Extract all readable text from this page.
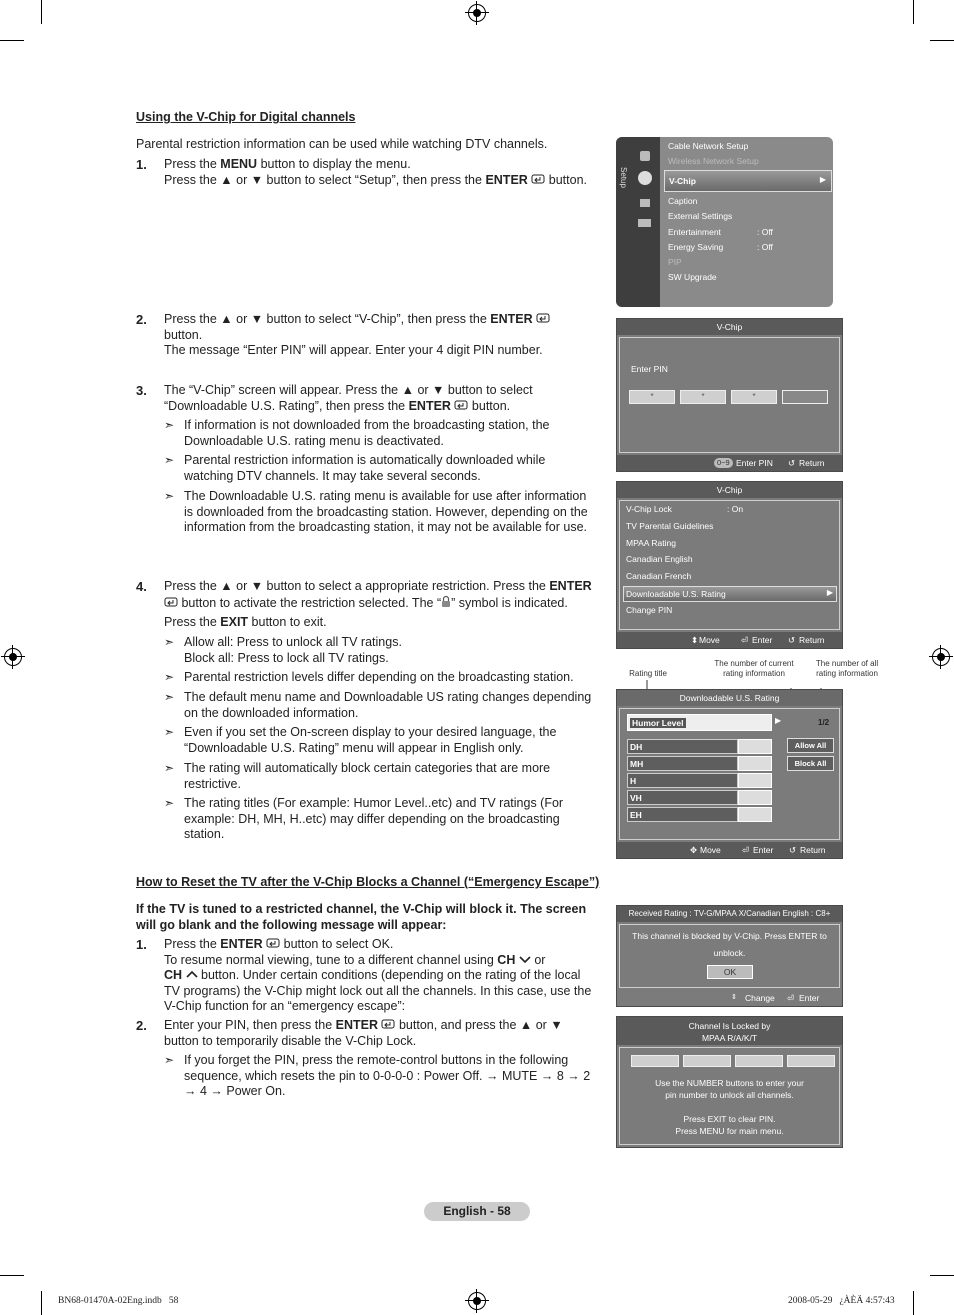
Using the V-Chip for Digital channels
Parental restriction information can be used while watching DTV channels.
1. Press the MENU button to display the menu.
Press the ▲ or ▼ button to select “Setup”, then press the ENTER  button.
2. Press the ▲ or ▼ button to select “V-Chip”, then press the ENTER
button.
The message “Enter PIN” will appear. Enter your 4 digit PIN number.
3. The “V-Chip” screen will appear. Press the ▲ or ▼ button to select
“Downloadable U.S. Rating”, then press the ENTER  button.
➣ If information is not downloaded from the broadcasting station, the
Downloadable U.S. rating menu is deactivated.
➣ Parental restriction information is automatically downloaded while
watching DTV channels. It may take several seconds.
➣ The Downloadable U.S. rating menu is available for use after information
is downloaded from the broadcasting station. However, depending on the
information from the broadcasting station, it may not be available for use.
4. Press the ▲ or ▼ button to select a appropriate restriction. Press the ENTER
button to activate the restriction selected. The “ ” symbol is indicated.
Press the EXIT button to exit.
➣ Allow all: Press to unlock all TV ratings.
Block all: Press to lock all TV ratings.
➣ Parental restriction levels differ depending on the broadcasting station.
➣ The default menu name and Downloadable US rating changes depending
on the downloaded information.
➣ Even if you set the On-screen display to your desired language, the
“Downloadable U.S. Rating” menu will appear in English only.
➣ The rating will automatically block certain categories that are more
restrictive.
➣ The rating titles (For example: Humor Level..etc) and TV ratings (For
example: DH, MH, H..etc) may differ depending on the broadcasting
station.
How to Reset the TV after the V-Chip Blocks a Channel (“Emergency Escape”)
If the TV is tuned to a restricted channel, the V-Chip will block it. The screen
will go blank and the following message will appear:
1. Press the ENTER  button to select OK.
To resume normal viewing, tune to a different channel using CH  or
CH  button. Under certain conditions (depending on the rating of the local
TV programs) the V-Chip might lock out all the channels. In this case, use the
V-Chip function for an “emergency escape”:
2. Enter your PIN, then press the ENTER  button, and press the ▲ or ▼
button to temporarily disable the V-Chip Lock.
➣ If you forget the PIN, press the remote-control buttons in the following
sequence, which resets the pin to 0-0-0-0 : Power Off. → MUTE → 8 → 2
→ 4 → Power On.
Setup
Cable Network Setup
Wireless Network Setup
V-Chip	▶
Caption
External Settings
Entertainment	: Off
Energy Saving	: Off
PIP
SW Upgrade
V-Chip
Enter PIN
*	*	*
0~9 Enter PIN ↺ Return
V-Chip
V-Chip Lock	: On
TV Parental Guidelines
MPAA Rating
Canadian English
Canadian French
Downloadable U.S. Rating	▶
Change PIN
⬍ Move ⏎ Enter ↺ Return
Rating title
The number of current
rating information
The number of all
rating information
Downloadable U.S. Rating
Humor Level	▶	1/2
DH
MH
H
VH
EH
Allow All
Block All
✥ Move ⏎ Enter ↺ Return
Received Rating : TV-G/MPAA X/Canadian English : C8+
This channel is blocked by V-Chip. Press ENTER to
unblock.
OK
⇕ Change ⏎ Enter
Channel Is Locked by
MPAA R/A/K/T
Use the NUMBER buttons to enter your
pin number to unlock all channels.
Press EXIT to clear PIN.
Press MENU for main menu.
English - 58
BN68-01470A-02Eng.indb   58	2008-05-29   ¿ÀÈÄ 4:57:43
